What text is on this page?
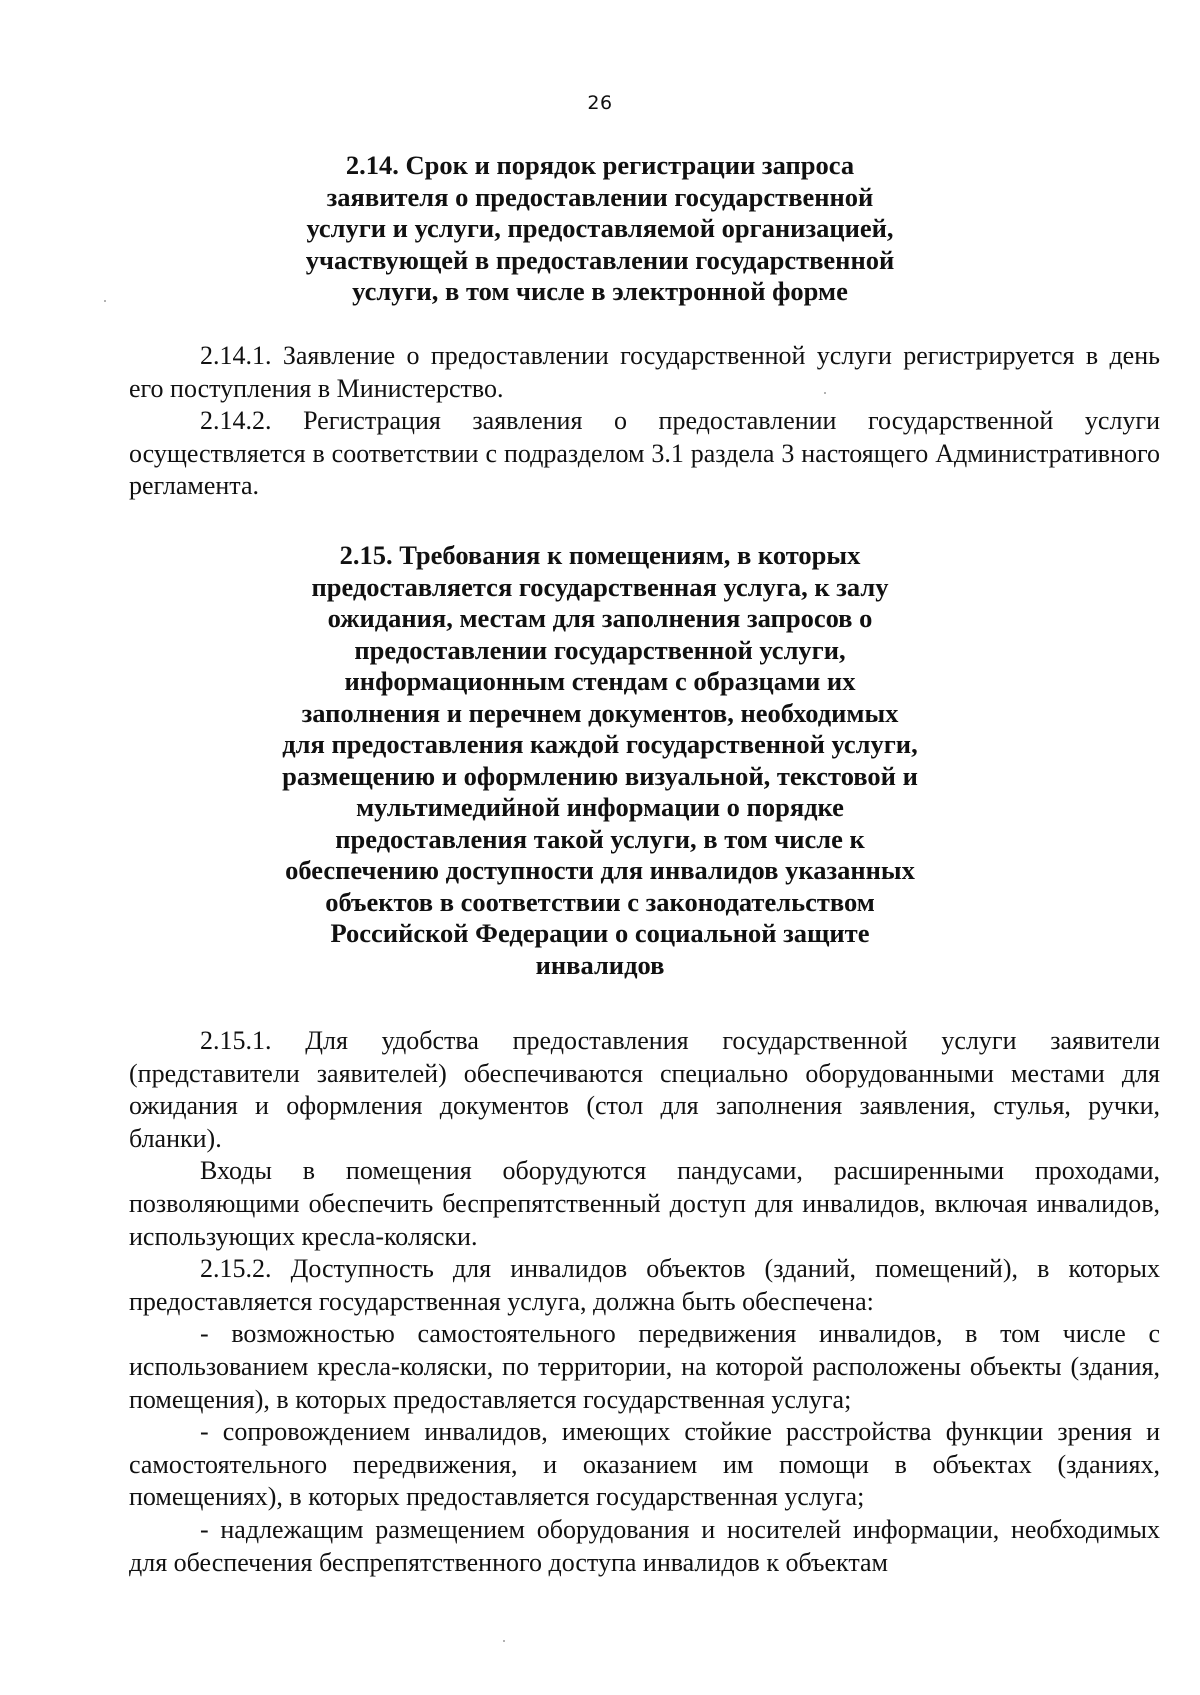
26
2.14. Срок и порядок регистрации запроса
заявителя о предоставлении государственной
услуги и услуги, предоставляемой организацией,
участвующей в предоставлении государственной
услуги, в том числе в электронной форме

2.14.1. Заявление о предоставлении государственной услуги регистрируется в день его поступления в Министерство.

2.14.2. Регистрация заявления о предоставлении государственной услуги осуществляется в соответствии с подразделом 3.1 раздела 3 настоящего Административного регламента.

2.15. Требования к помещениям, в которых
предоставляется государственная услуга, к залу
ожидания, местам для заполнения запросов о
предоставлении государственной услуги,
информационным стендам с образцами их
заполнения и перечнем документов, необходимых
для предоставления каждой государственной услуги,
размещению и оформлению визуальной, текстовой и
мультимедийной информации о порядке
предоставления такой услуги, в том числе к
обеспечению доступности для инвалидов указанных
объектов в соответствии с законодательством
Российской Федерации о социальной защите
инвалидов

2.15.1. Для удобства предоставления государственной услуги заявители (представители заявителей) обеспечиваются специально оборудованными местами для ожидания и оформления документов (стол для заполнения заявления, стулья, ручки, бланки).

Входы в помещения оборудуются пандусами, расширенными проходами, позволяющими обеспечить беспрепятственный доступ для инвалидов, включая инвалидов, использующих кресла-коляски.

2.15.2. Доступность для инвалидов объектов (зданий, помещений), в которых предоставляется государственная услуга, должна быть обеспечена:

- возможностью самостоятельного передвижения инвалидов, в том числе с использованием кресла-коляски, по территории, на которой расположены объекты (здания, помещения), в которых предоставляется государственная услуга;

- сопровождением инвалидов, имеющих стойкие расстройства функции зрения и самостоятельного передвижения, и оказанием им помощи в объектах (зданиях, помещениях), в которых предоставляется государственная услуга;

- надлежащим размещением оборудования и носителей информации, необходимых для обеспечения беспрепятственного доступа инвалидов к объектам
